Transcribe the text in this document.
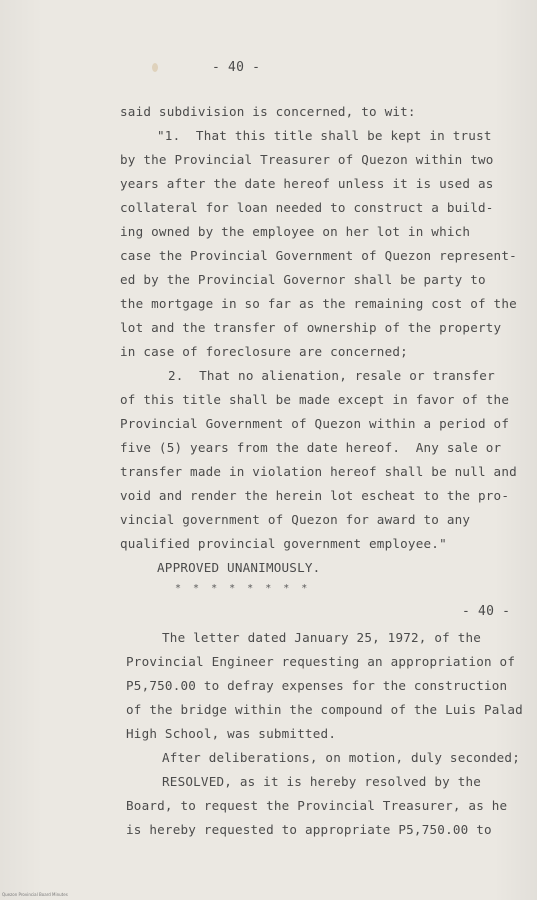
- 40 -
said subdivision is concerned, to wit:
"1.  That this title shall be kept in trust
by the Provincial Treasurer of Quezon within two
years after the date hereof unless it is used as
collateral for loan needed to construct a build-
ing owned by the employee on her lot in which
case the Provincial Government of Quezon represent-
ed by the Provincial Governor shall be party to
the mortgage in so far as the remaining cost of the
lot and the transfer of ownership of the property
in case of foreclosure are concerned;
2.  That no alienation, resale or transfer
of this title shall be made except in favor of the
Provincial Government of Quezon within a period of
five (5) years from the date hereof.  Any sale or
transfer made in violation hereof shall be null and
void and render the herein lot escheat to the pro-
vincial government of Quezon for award to any
qualified provincial government employee."
APPROVED UNANIMOUSLY.
* * * * * * * *
- 40 -
The letter dated January 25, 1972, of the
Provincial Engineer requesting an appropriation of
P5,750.00 to defray expenses for the construction
of the bridge within the compound of the Luis Palad
High School, was submitted.
After deliberations, on motion, duly seconded;
RESOLVED, as it is hereby resolved by the
Board, to request the Provincial Treasurer, as he
is hereby requested to appropriate P5,750.00 to
Quezon Provincial Board Minutes
